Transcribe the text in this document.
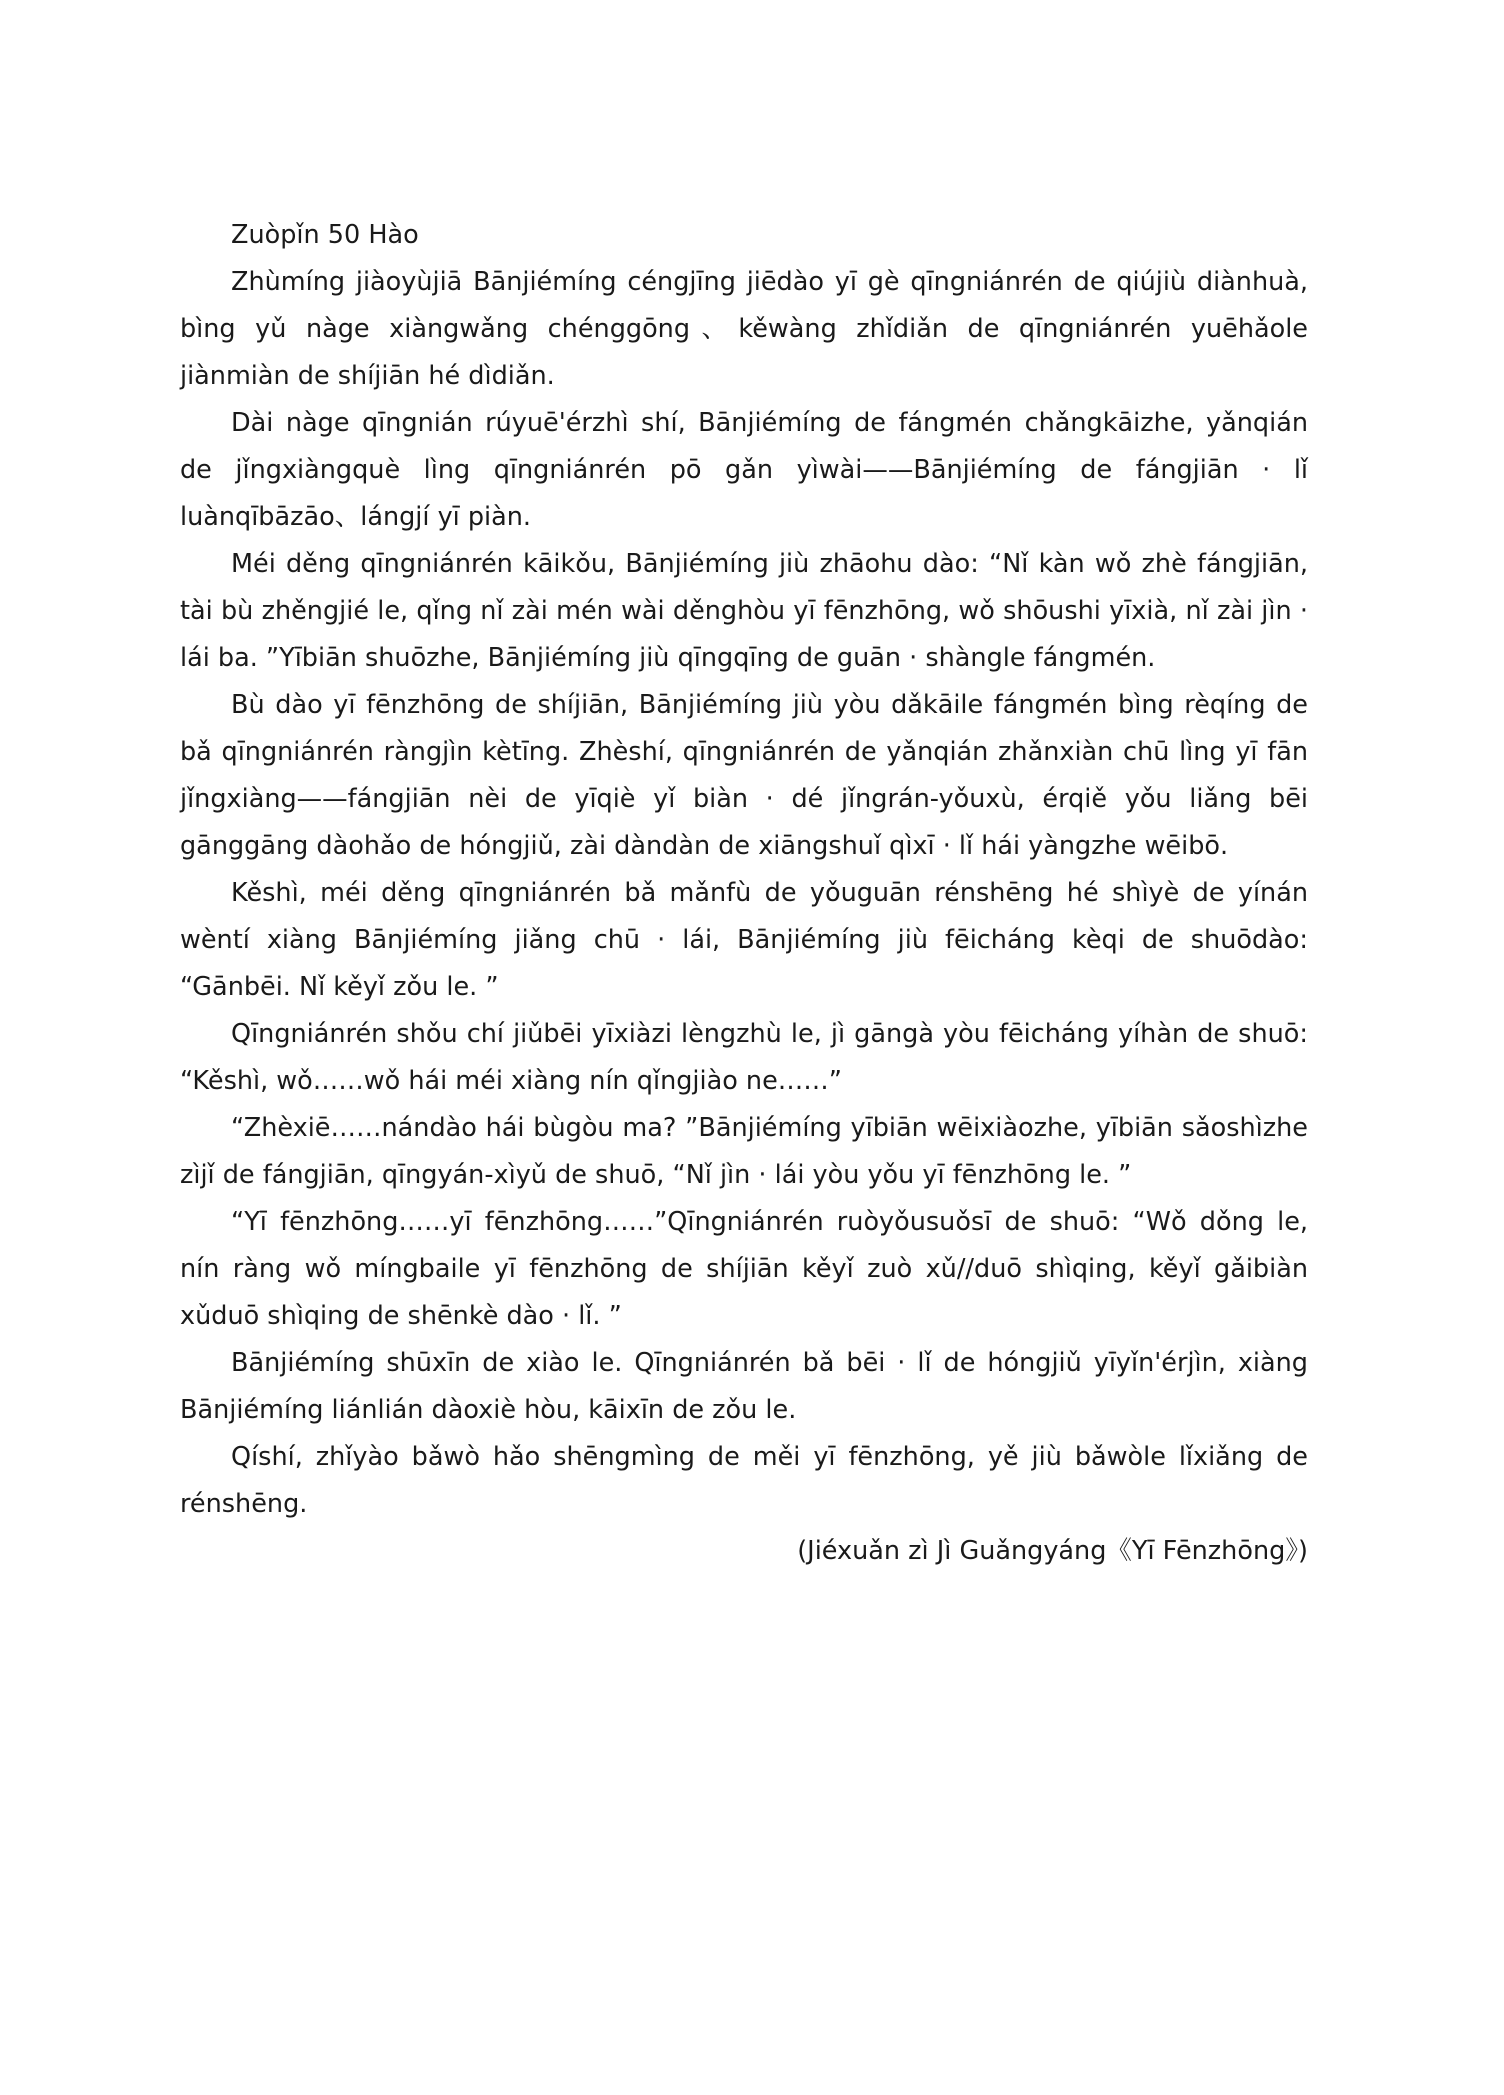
Zuòpǐn 50 Hào

Zhùmíng jiàoyùjiā Bānjiémíng céngjīng jiēdào yī gè qīngniánrén de qiújiù diànhuà, bìng yǔ nàge xiàngwǎng chénggōng、kěwàng zhǐdiǎn de qīngniánrén yuēhǎole jiànmiàn de shíjiān hé dìdiǎn.

Dài nàge qīngnián rúyuē'érzhì shí, Bānjiémíng de fángmén chǎngkāizhe, yǎnqián de jǐngxiàngquè lìng qīngniánrén pō gǎn yìwài——Bānjiémíng de fángjiān · lǐ luànqībāzāo、lángjí yī piàn.

Méi děng qīngniánrén kāikǒu, Bānjiémíng jiù zhāohu dào: “Nǐ kàn wǒ zhè fángjiān, tài bù zhěngjié le, qǐng nǐ zài mén wài děnghòu yī fēnzhōng, wǒ shōushi yīxià, nǐ zài jìn · lái ba. ”Yībiān shuōzhe, Bānjiémíng jiù qīngqīng de guān · shàngle fángmén.

Bù dào yī fēnzhōng de shíjiān, Bānjiémíng jiù yòu dǎkāile fángmén bìng rèqíng de bǎ qīngniánrén ràngjìn kètīng. Zhèshí, qīngniánrén de yǎnqián zhǎnxiàn chū lìng yī fān jǐngxiàng——fángjiān nèi de yīqiè yǐ biàn · dé jǐngrán-yǒuxù, érqiě yǒu liǎng bēi gānggāng dàohǎo de hóngjiǔ, zài dàndàn de xiāngshuǐ qìxī · lǐ hái yàngzhe wēibō.

Kěshì, méi děng qīngniánrén bǎ mǎnfù de yǒuguān rénshēng hé shìyè de yínán wèntí xiàng Bānjiémíng jiǎng chū · lái, Bānjiémíng jiù fēicháng kèqi de shuōdào: “Gānbēi. Nǐ kěyǐ zǒu le. ”

Qīngniánrén shǒu chí jiǔbēi yīxiàzi lèngzhù le, jì gāngà yòu fēicháng yíhàn de shuō: “Kěshì, wǒ……wǒ hái méi xiàng nín qǐngjiào ne……”

“Zhèxiē……nándào hái bùgòu ma? ”Bānjiémíng yībiān wēixiàozhe, yībiān sǎoshìzhe zìjǐ de fángjiān, qīngyán-xìyǔ de shuō, “Nǐ jìn · lái yòu yǒu yī fēnzhōng le. ”

“Yī fēnzhōng……yī fēnzhōng……”Qīngniánrén ruòyǒusuǒsī de shuō: “Wǒ dǒng le, nín ràng wǒ míngbaile yī fēnzhōng de shíjiān kěyǐ zuò xǔ//duō shìqing, kěyǐ gǎibiàn xǔduō shìqing de shēnkè dào · lǐ. ”

Bānjiémíng shūxīn de xiào le. Qīngniánrén bǎ bēi · lǐ de hóngjiǔ yīyǐn'érjìn, xiàng Bānjiémíng liánlián dàoxiè hòu, kāixīn de zǒu le.

Qíshí, zhǐyào bǎwò hǎo shēngmìng de měi yī fēnzhōng, yě jiù bǎwòle lǐxiǎng de rénshēng.

(Jiéxuǎn zì Jì Guǎngyáng《Yī Fēnzhōng》)
